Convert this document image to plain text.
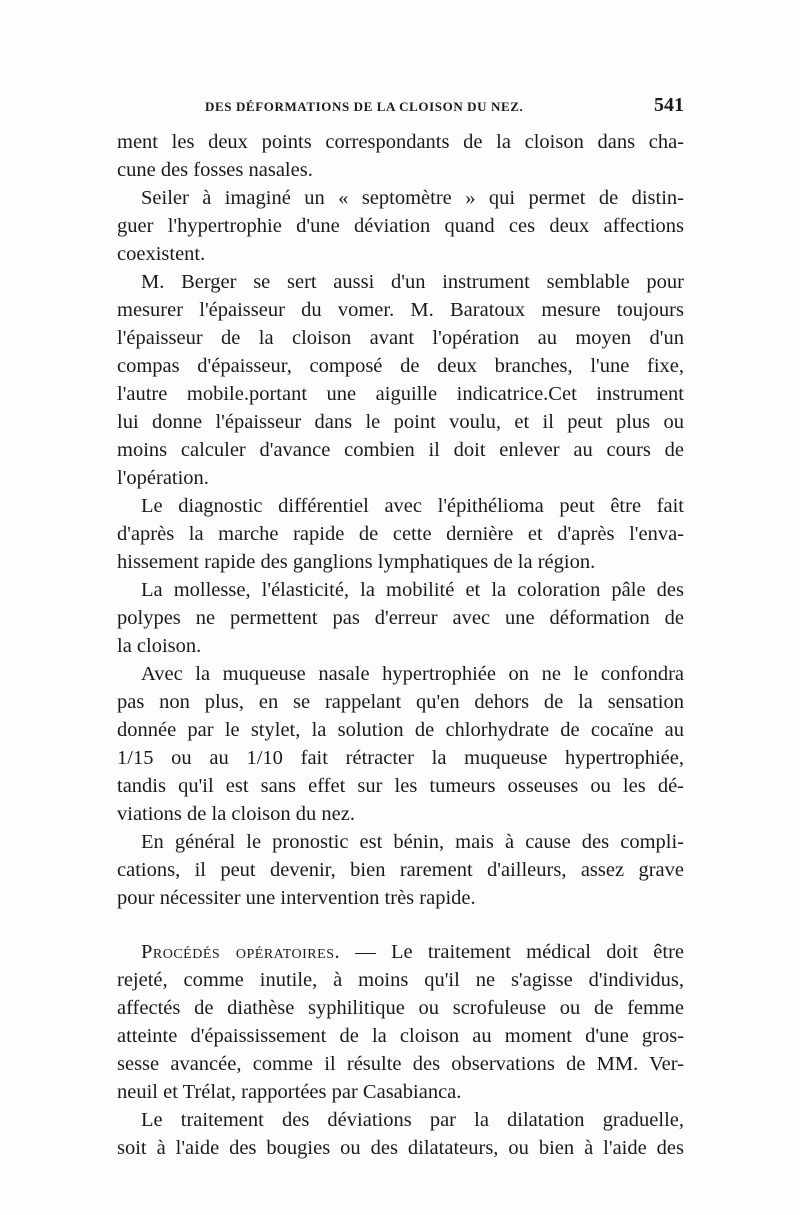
DES DÉFORMATIONS DE LA CLOISON DU NEZ.	541
ment les deux points correspondants de la cloison dans cha-
cune des fosses nasales.
Seiler à imaginé un « septomètre » qui permet de distin-
guer l'hypertrophie d'une déviation quand ces deux affections
coexistent.
M. Berger se sert aussi d'un instrument semblable pour
mesurer l'épaisseur du vomer. M. Baratoux mesure toujours
l'épaisseur de la cloison avant l'opération au moyen d'un
compas d'épaisseur, composé de deux branches, l'une fixe,
l'autre mobile.portant une aiguille indicatrice.Cet instrument
lui donne l'épaisseur dans le point voulu, et il peut plus ou
moins calculer d'avance combien il doit enlever au cours de
l'opération.
Le diagnostic différentiel avec l'épithélioma peut être fait
d'après la marche rapide de cette dernière et d'après l'enva-
hissement rapide des ganglions lymphatiques de la région.
La mollesse, l'élasticité, la mobilité et la coloration pâle des
polypes ne permettent pas d'erreur avec une déformation de
la cloison.
Avec la muqueuse nasale hypertrophiée on ne le confondra
pas non plus, en se rappelant qu'en dehors de la sensation
donnée par le stylet, la solution de chlorhydrate de cocaïne au
1/15 ou au 1/10 fait rétracter la muqueuse hypertrophiée,
tandis qu'il est sans effet sur les tumeurs osseuses ou les dé-
viations de la cloison du nez.
En général le pronostic est bénin, mais à cause des compli-
cations, il peut devenir, bien rarement d'ailleurs, assez grave
pour nécessiter une intervention très rapide.
Procédés opératoires. — Le traitement médical doit être
rejeté, comme inutile, à moins qu'il ne s'agisse d'individus,
affectés de diathèse syphilitique ou scrofuleuse ou de femme
atteinte d'épaississement de la cloison au moment d'une gros-
sesse avancée, comme il résulte des observations de MM. Ver-
neuil et Trélat, rapportées par Casabianca.
Le traitement des déviations par la dilatation graduelle,
soit à l'aide des bougies ou des dilatateurs, ou bien à l'aide des
